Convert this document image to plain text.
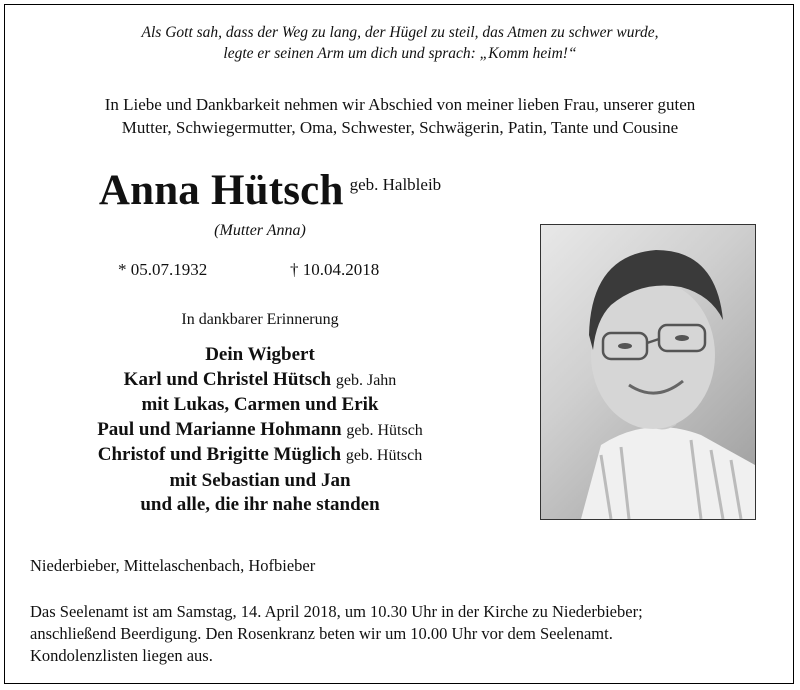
Als Gott sah, dass der Weg zu lang, der Hügel zu steil, das Atmen zu schwer wurde,
legte er seinen Arm um dich und sprach: „Komm heim!“
In Liebe und Dankbarkeit nehmen wir Abschied von meiner lieben Frau, unserer guten
Mutter, Schwiegermutter, Oma, Schwester, Schwägerin, Patin, Tante und Cousine
Anna Hütsch geb. Halbleib
(Mutter Anna)
* 05.07.1932	† 10.04.2018
In dankbarer Erinnerung
Dein Wigbert
Karl und Christel Hütsch geb. Jahn
mit Lukas, Carmen und Erik
Paul und Marianne Hohmann geb. Hütsch
Christof und Brigitte Müglich geb. Hütsch
mit Sebastian und Jan
und alle, die ihr nahe standen
Niederbieber, Mittelaschenbach, Hofbieber
Das Seelenamt ist am Samstag, 14. April 2018, um 10.30 Uhr in der Kirche zu Niederbieber;
anschließend Beerdigung. Den Rosenkranz beten wir um 10.00 Uhr vor dem Seelenamt.
Kondolenzlisten liegen aus.
